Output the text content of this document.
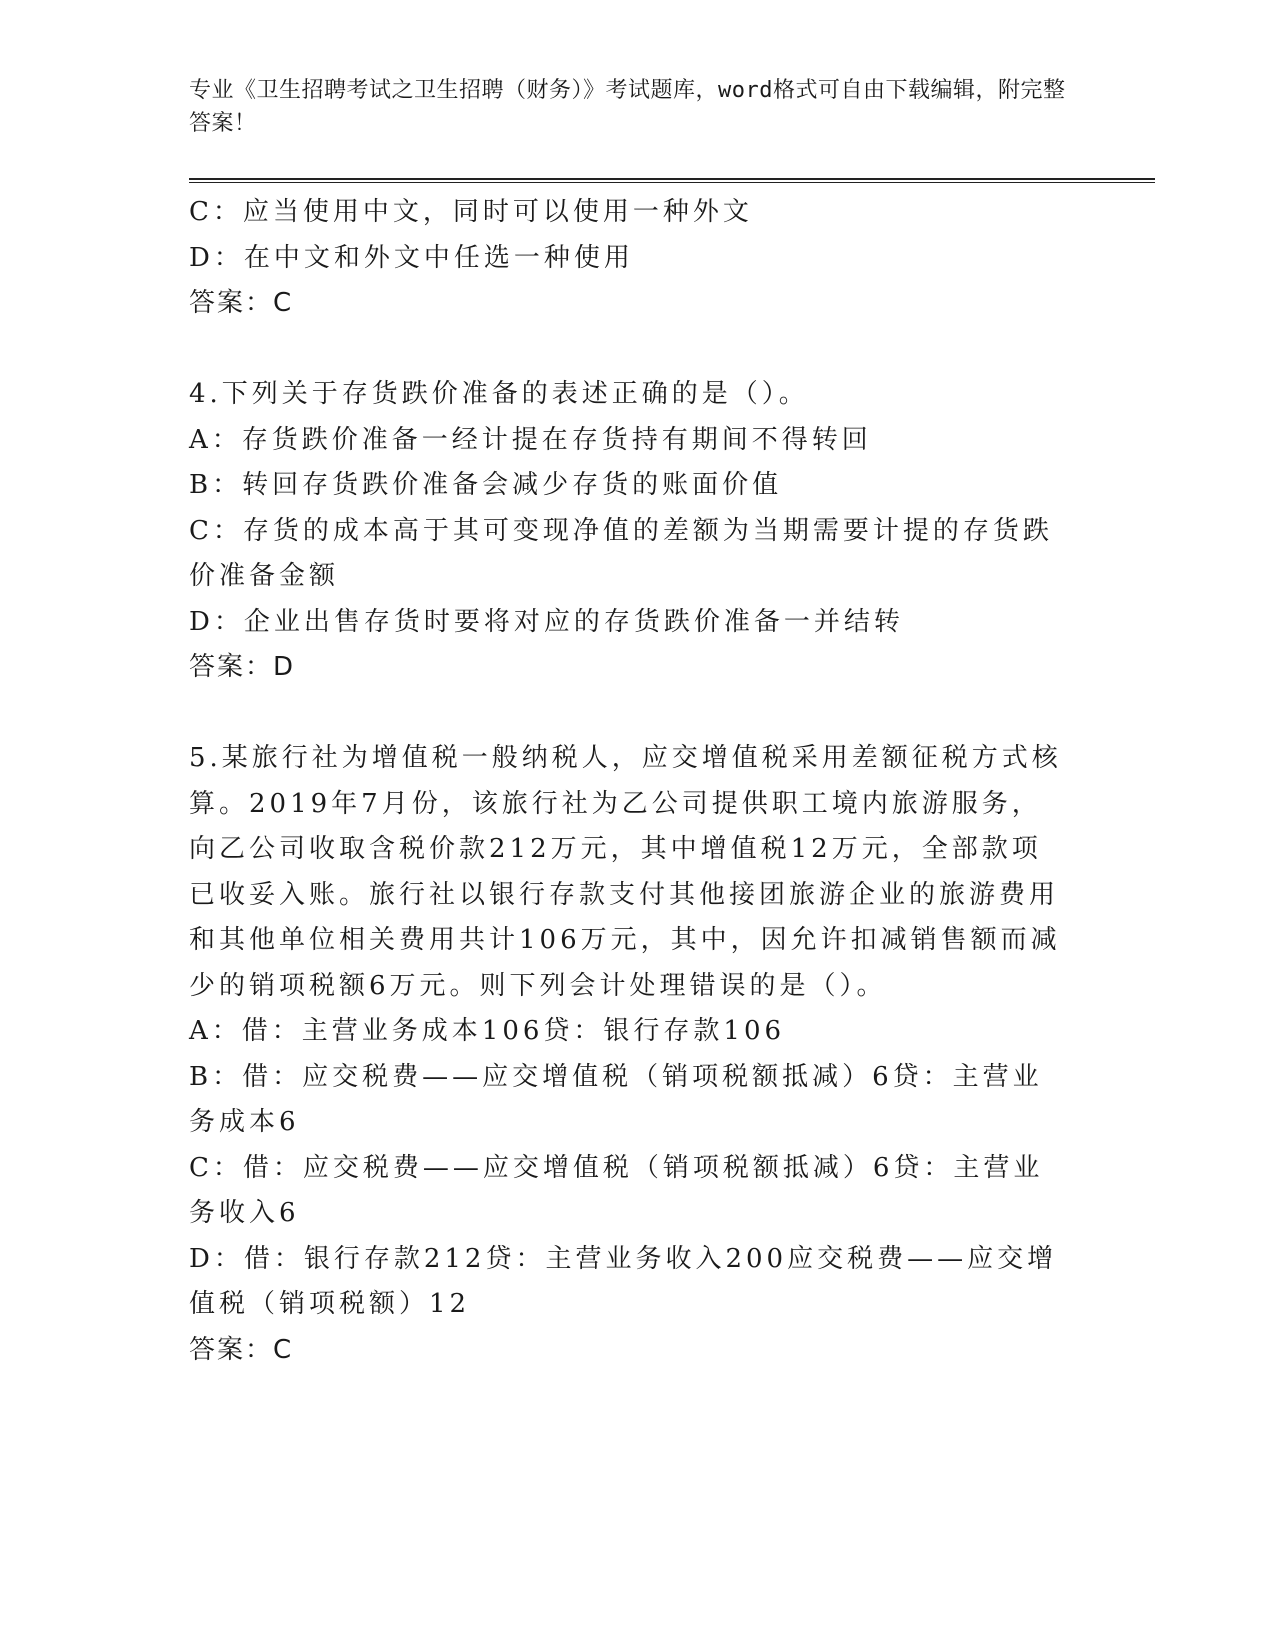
专业《卫生招聘考试之卫生招聘（财务）》考试题库，word格式可自由下载编辑，附完整答案！
C：应当使用中文，同时可以使用一种外文
D：在中文和外文中任选一种使用
答案：C
4.下列关于存货跌价准备的表述正确的是（）。
A：存货跌价准备一经计提在存货持有期间不得转回
B：转回存货跌价准备会减少存货的账面价值
C：存货的成本高于其可变现净值的差额为当期需要计提的存货跌价准备金额
D：企业出售存货时要将对应的存货跌价准备一并结转
答案：D
5.某旅行社为增值税一般纳税人，应交增值税采用差额征税方式核算。2019年7月份，该旅行社为乙公司提供职工境内旅游服务，向乙公司收取含税价款212万元，其中增值税12万元，全部款项已收妥入账。旅行社以银行存款支付其他接团旅游企业的旅游费用和其他单位相关费用共计106万元，其中，因允许扣减销售额而减少的销项税额6万元。则下列会计处理错误的是（）。
A：借：主营业务成本106贷：银行存款106
B：借：应交税费——应交增值税（销项税额抵减）6贷：主营业务成本6
C：借：应交税费——应交增值税（销项税额抵减）6贷：主营业务收入6
D：借：银行存款212贷：主营业务收入200应交税费——应交增值税（销项税额）12
答案：C
